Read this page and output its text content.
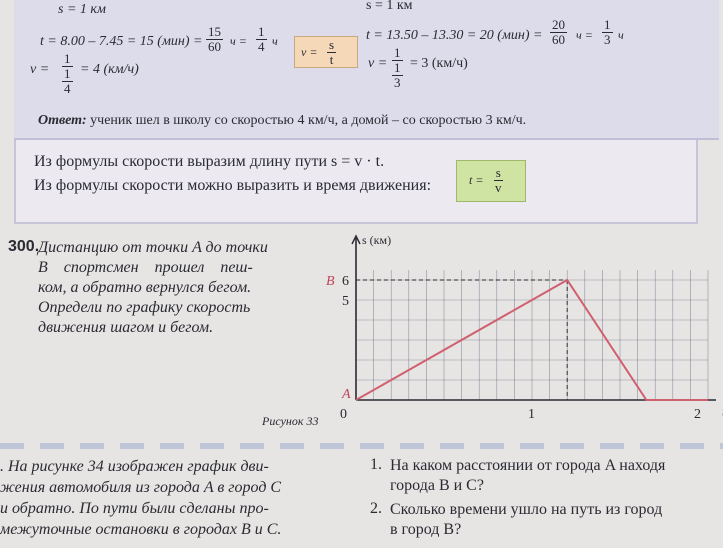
s = 1 км
t = 8.00 – 7.45 = 15 $(мин) = \frac{15}{60}$ $ч = \frac{1}{4}$ ч
$v = \frac{1}{\frac{1}{4}} = 4$ (км/ч)
$v = \frac{s}{t}$
s = 1 км
t = 13.50 – 13.30 = 20 $(мин) = \frac{20}{60}$ $ч = \frac{1}{3}$ ч
$v = \frac{1}{\frac{1}{3}} = 3$ (км/ч)
Ответ: ученик шел в школу со скоростью 4 км/ч, а домой – со скоростью 3 км/ч.
Из формулы скорости выразим длину пути s = v · t.
Из формулы скорости можно выразить и время движения:	$t = \frac{s}{v}$
300.
Дистанцию от точки A до точки
B    спортсмен    прошел    пеш-
ком, а обратно вернулся бегом.
Определи по графику скорость
движения шагом и бегом.
Рисунок 33
s (км)
0	1	2
5
6
A
B
. На рисунке 34 изображен график дви-
жения автомобиля из города A в город C
и обратно. По пути были сделаны про-
межуточные остановки в городах B и C.
1. На каком расстоянии от города A находя
города B и C?
2. Сколько времени ушло на путь из город
в город B?
